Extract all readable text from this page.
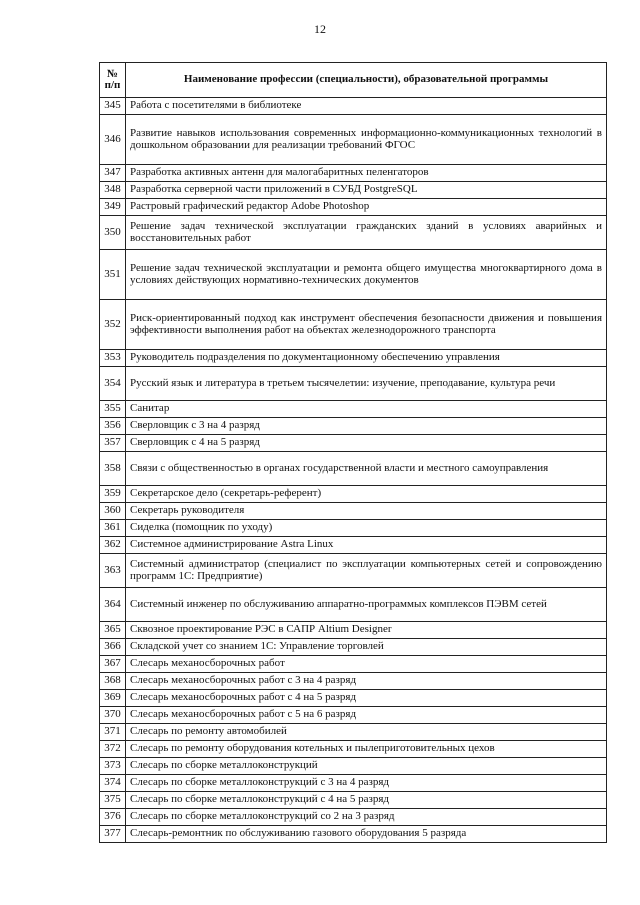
12
№ п/п	Наименование профессии (специальности), образовательной программы
345	Работа с посетителями в библиотеке
346	Развитие навыков использования современных информационно-коммуникационных технологий в дошкольном образовании для реализации требований ФГОС
347	Разработка активных антенн для малогабаритных пеленгаторов
348	Разработка серверной части приложений в СУБД PostgreSQL
349	Растровый графический редактор Adobe Photoshop
350	Решение задач технической эксплуатации гражданских зданий в условиях аварийных и восстановительных работ
351	Решение задач технической эксплуатации и ремонта общего имущества многоквартирного дома в условиях действующих нормативно-технических документов
352	Риск-ориентированный подход как инструмент обеспечения безопасности движения и повышения эффективности выполнения работ на объектах железнодорожного транспорта
353	Руководитель подразделения по документационному обеспечению управления
354	Русский язык и литература в третьем тысячелетии: изучение, преподавание, культура речи
355	Санитар
356	Сверловщик с 3 на 4 разряд
357	Сверловщик с 4 на 5 разряд
358	Связи с общественностью в органах государственной власти и местного самоуправления
359	Секретарское дело (секретарь-референт)
360	Секретарь руководителя
361	Сиделка (помощник по уходу)
362	Системное администрирование Astra Linux
363	Системный администратор (специалист по эксплуатации компьютерных сетей и сопровождению программ 1С: Предприятие)
364	Системный инженер по обслуживанию аппаратно-программых комплексов ПЭВМ сетей
365	Сквозное проектирование РЭС в САПР Altium Designer
366	Складской учет со знанием 1С: Управление торговлей
367	Слесарь механосборочных работ
368	Слесарь механосборочных работ с 3 на 4 разряд
369	Слесарь механосборочных работ с 4 на 5 разряд
370	Слесарь механосборочных работ с 5 на 6 разряд
371	Слесарь по ремонту автомобилей
372	Слесарь по ремонту оборудования котельных и пылеприготовительных цехов
373	Слесарь по сборке металлоконструкций
374	Слесарь по сборке металлоконструкций с 3 на 4 разряд
375	Слесарь по сборке металлоконструкций с 4 на 5 разряд
376	Слесарь по сборке металлоконструкций со 2 на 3 разряд
377	Слесарь-ремонтник по обслуживанию газового оборудования 5 разряда
